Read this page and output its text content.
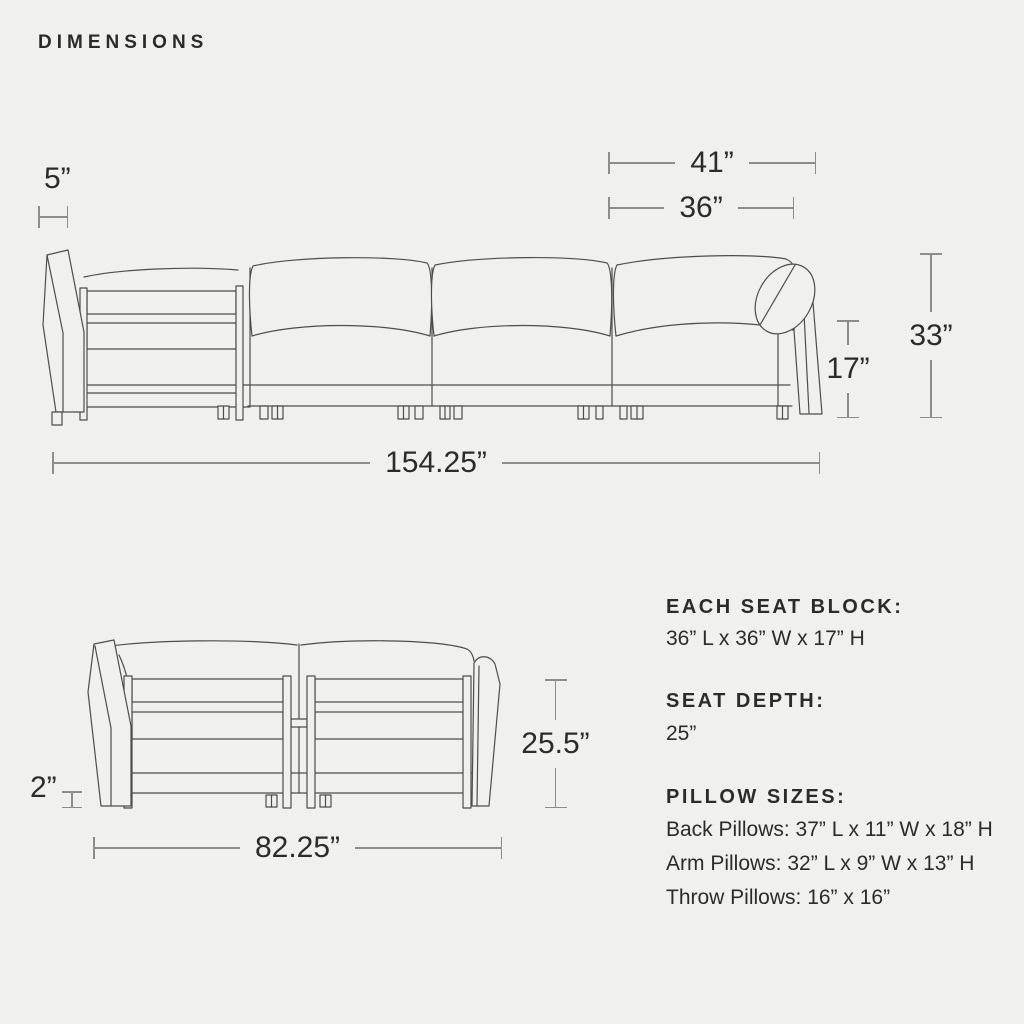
DIMENSIONS
5”	41”
36”
33”
17”
154.25”
2”
25.5”
82.25”
EACH SEAT BLOCK:
36” L x 36” W x 17” H
SEAT DEPTH:
25”
PILLOW SIZES:
Back Pillows: 37” L x 11” W x 18” H
Arm Pillows: 32” L x 9” W x 13” H
Throw Pillows: 16” x 16”
